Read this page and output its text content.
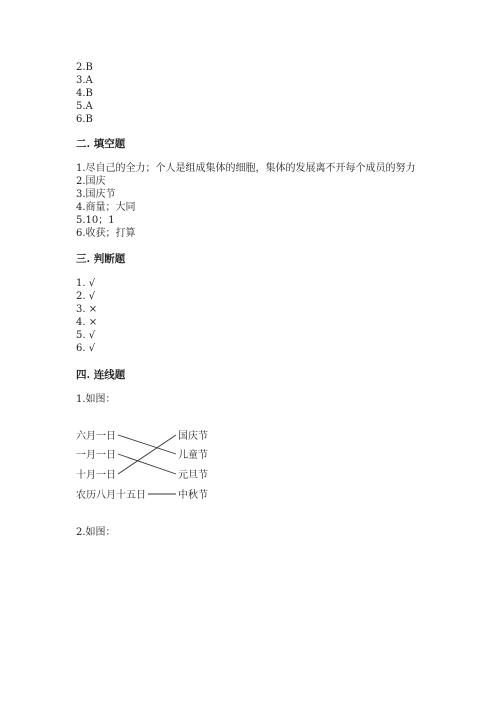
2.B
3.A
4.B
5.A
6.B
二. 填空题
1.尽自己的全力；个人是组成集体的细胞，集体的发展离不开每个成员的努力
2.国庆
3.国庆节
4.商量；大同
5.10；1
6.收获；打算
三. 判断题
1. √
2. √
3. ×
4. ×
5. √
6. √
四. 连线题
1.如图：
六月一日
一月一日
十月一日
农历八月十五日
国庆节
儿童节
元旦节
中秋节
2.如图：
